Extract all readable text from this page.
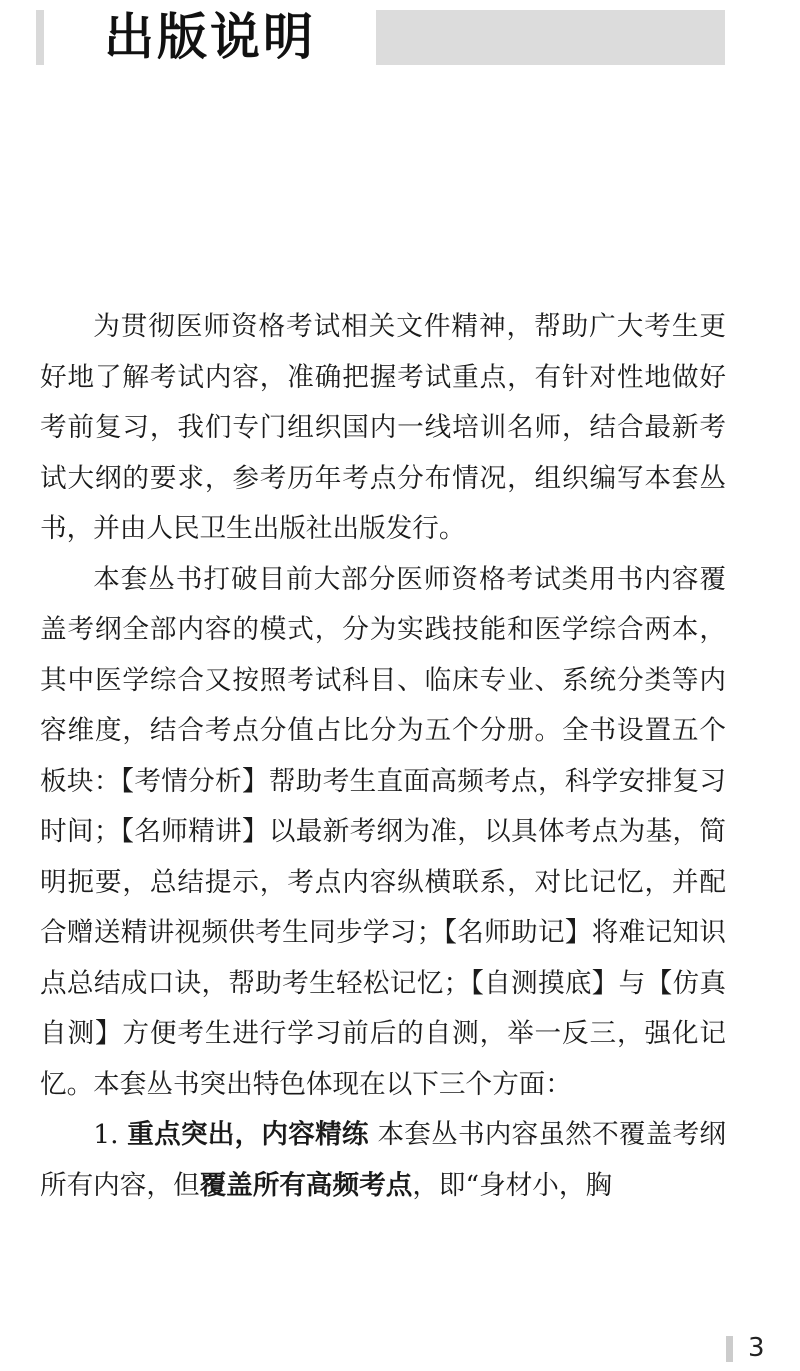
出版说明

为贯彻医师资格考试相关文件精神，帮助广大考生更好地了解考试内容，准确把握考试重点，有针对性地做好考前复习，我们专门组织国内一线培训名师，结合最新考试大纲的要求，参考历年考点分布情况，组织编写本套丛书，并由人民卫生出版社出版发行。

本套丛书打破目前大部分医师资格考试类用书内容覆盖考纲全部内容的模式，分为实践技能和医学综合两本，其中医学综合又按照考试科目、临床专业、系统分类等内容维度，结合考点分值占比分为五个分册。全书设置五个板块：【考情分析】帮助考生直面高频考点，科学安排复习时间；【名师精讲】以最新考纲为准，以具体考点为基，简明扼要，总结提示，考点内容纵横联系，对比记忆，并配合赠送精讲视频供考生同步学习；【名师助记】将难记知识点总结成口诀，帮助考生轻松记忆；【自测摸底】与【仿真自测】方便考生进行学习前后的自测，举一反三，强化记忆。本套丛书突出特色体现在以下三个方面：

1. 重点突出，内容精练 本套丛书内容虽然不覆盖考纲所有内容，但覆盖所有高频考点，即“身材小，胸

3
